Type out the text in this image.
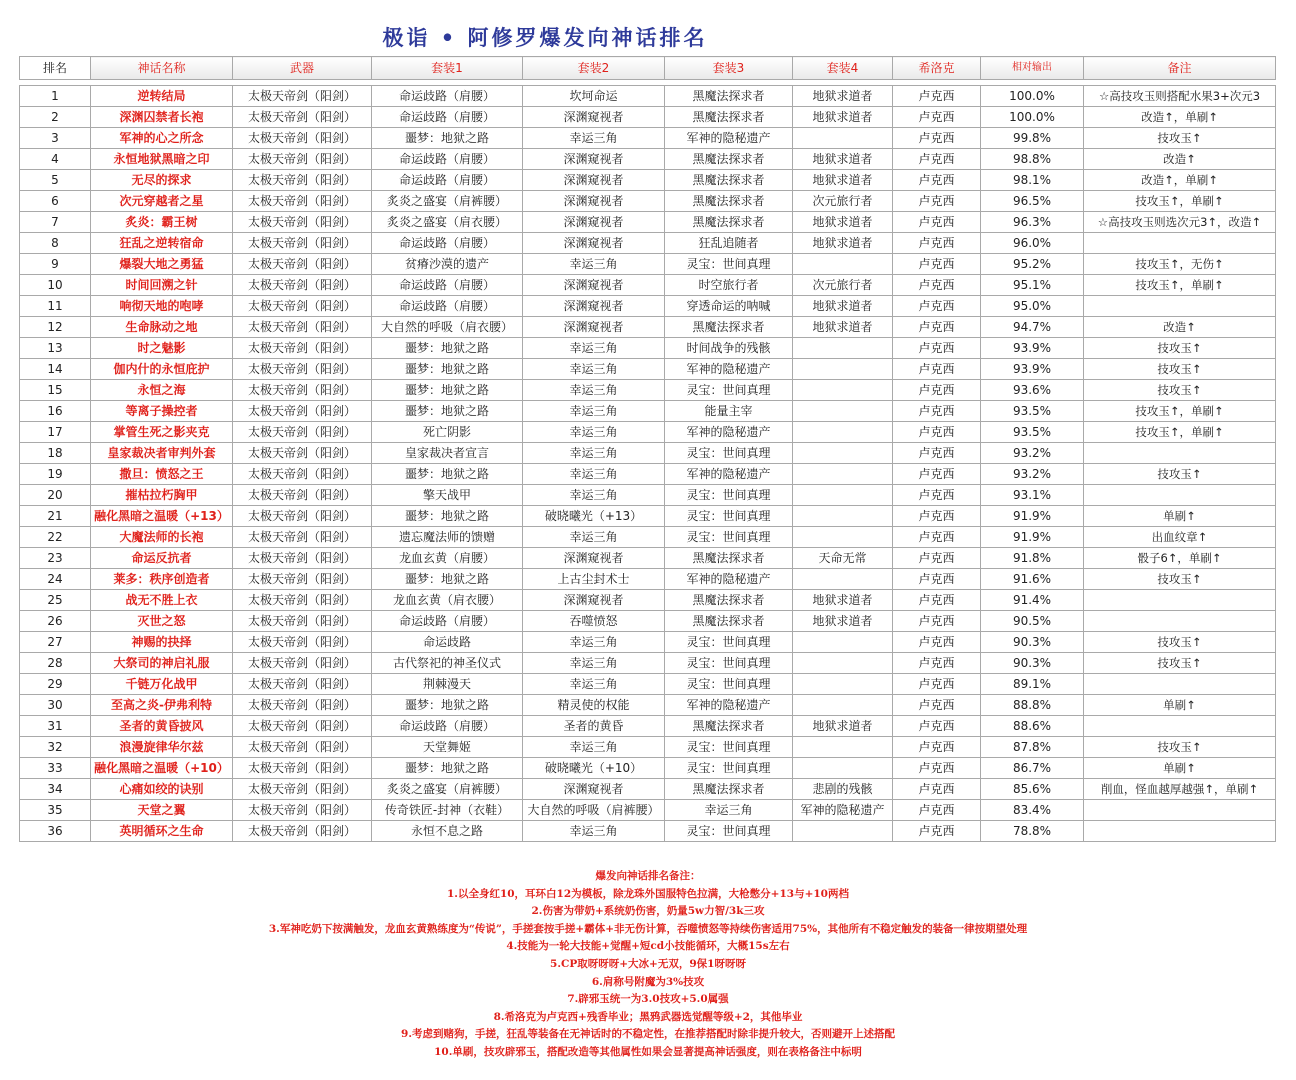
极诣 • 阿修罗爆发向神话排名
排名	神话名称	武器	套装1	套装2	套装3	套装4	希洛克	相对输出	备注

1	逆转结局	太极天帝剑（阳剑）	命运歧路（肩腰）	坎坷命运	黑魔法探求者	地狱求道者	卢克西	100.0%	☆高技攻玉则搭配水果3+次元3
2	深渊囚禁者长袍	太极天帝剑（阳剑）	命运歧路（肩腰）	深渊窥视者	黑魔法探求者	地狱求道者	卢克西	100.0%	改造↑，单刷↑
3	军神的心之所念	太极天帝剑（阳剑）	噩梦：地狱之路	幸运三角	军神的隐秘遗产		卢克西	99.8%	技攻玉↑
4	永恒地狱黑暗之印	太极天帝剑（阳剑）	命运歧路（肩腰）	深渊窥视者	黑魔法探求者	地狱求道者	卢克西	98.8%	改造↑
5	无尽的探求	太极天帝剑（阳剑）	命运歧路（肩腰）	深渊窥视者	黑魔法探求者	地狱求道者	卢克西	98.1%	改造↑，单刷↑
6	次元穿越者之星	太极天帝剑（阳剑）	炙炎之盛宴（肩裤腰）	深渊窥视者	黑魔法探求者	次元旅行者	卢克西	96.5%	技攻玉↑，单刷↑
7	炙炎：霸王树	太极天帝剑（阳剑）	炙炎之盛宴（肩衣腰）	深渊窥视者	黑魔法探求者	地狱求道者	卢克西	96.3%	☆高技攻玉则选次元3↑，改造↑
8	狂乱之逆转宿命	太极天帝剑（阳剑）	命运歧路（肩腰）	深渊窥视者	狂乱追随者	地狱求道者	卢克西	96.0%	
9	爆裂大地之勇猛	太极天帝剑（阳剑）	贫瘠沙漠的遗产	幸运三角	灵宝：世间真理		卢克西	95.2%	技攻玉↑，无伤↑
10	时间回溯之针	太极天帝剑（阳剑）	命运歧路（肩腰）	深渊窥视者	时空旅行者	次元旅行者	卢克西	95.1%	技攻玉↑，单刷↑
11	响彻天地的咆哮	太极天帝剑（阳剑）	命运歧路（肩腰）	深渊窥视者	穿透命运的呐喊	地狱求道者	卢克西	95.0%	
12	生命脉动之地	太极天帝剑（阳剑）	大自然的呼吸（肩衣腰）	深渊窥视者	黑魔法探求者	地狱求道者	卢克西	94.7%	改造↑
13	时之魅影	太极天帝剑（阳剑）	噩梦：地狱之路	幸运三角	时间战争的残骸		卢克西	93.9%	技攻玉↑
14	伽内什的永恒庇护	太极天帝剑（阳剑）	噩梦：地狱之路	幸运三角	军神的隐秘遗产		卢克西	93.9%	技攻玉↑
15	永恒之海	太极天帝剑（阳剑）	噩梦：地狱之路	幸运三角	灵宝：世间真理		卢克西	93.6%	技攻玉↑
16	等离子操控者	太极天帝剑（阳剑）	噩梦：地狱之路	幸运三角	能量主宰		卢克西	93.5%	技攻玉↑，单刷↑
17	掌管生死之影夹克	太极天帝剑（阳剑）	死亡阴影	幸运三角	军神的隐秘遗产		卢克西	93.5%	技攻玉↑，单刷↑
18	皇家裁决者审判外套	太极天帝剑（阳剑）	皇家裁决者宣言	幸运三角	灵宝：世间真理		卢克西	93.2%	
19	撒旦：愤怒之王	太极天帝剑（阳剑）	噩梦：地狱之路	幸运三角	军神的隐秘遗产		卢克西	93.2%	技攻玉↑
20	摧枯拉朽胸甲	太极天帝剑（阳剑）	擎天战甲	幸运三角	灵宝：世间真理		卢克西	93.1%	
21	融化黑暗之温暖（+13）	太极天帝剑（阳剑）	噩梦：地狱之路	破晓曦光（+13）	灵宝：世间真理		卢克西	91.9%	单刷↑
22	大魔法师的长袍	太极天帝剑（阳剑）	遗忘魔法师的馈赠	幸运三角	灵宝：世间真理		卢克西	91.9%	出血纹章↑
23	命运反抗者	太极天帝剑（阳剑）	龙血玄黄（肩腰）	深渊窥视者	黑魔法探求者	天命无常	卢克西	91.8%	骰子6↑，单刷↑
24	莱多：秩序创造者	太极天帝剑（阳剑）	噩梦：地狱之路	上古尘封术士	军神的隐秘遗产		卢克西	91.6%	技攻玉↑
25	战无不胜上衣	太极天帝剑（阳剑）	龙血玄黄（肩衣腰）	深渊窥视者	黑魔法探求者	地狱求道者	卢克西	91.4%	
26	灭世之怒	太极天帝剑（阳剑）	命运歧路（肩腰）	吞噬愤怒	黑魔法探求者	地狱求道者	卢克西	90.5%	
27	神赐的抉择	太极天帝剑（阳剑）	命运歧路	幸运三角	灵宝：世间真理		卢克西	90.3%	技攻玉↑
28	大祭司的神启礼服	太极天帝剑（阳剑）	古代祭祀的神圣仪式	幸运三角	灵宝：世间真理		卢克西	90.3%	技攻玉↑
29	千链万化战甲	太极天帝剑（阳剑）	荆棘漫天	幸运三角	灵宝：世间真理		卢克西	89.1%	
30	至高之炎-伊弗利特	太极天帝剑（阳剑）	噩梦：地狱之路	精灵使的权能	军神的隐秘遗产		卢克西	88.8%	单刷↑
31	圣者的黄昏披风	太极天帝剑（阳剑）	命运歧路（肩腰）	圣者的黄昏	黑魔法探求者	地狱求道者	卢克西	88.6%	
32	浪漫旋律华尔兹	太极天帝剑（阳剑）	天堂舞姬	幸运三角	灵宝：世间真理		卢克西	87.8%	技攻玉↑
33	融化黑暗之温暖（+10）	太极天帝剑（阳剑）	噩梦：地狱之路	破晓曦光（+10）	灵宝：世间真理		卢克西	86.7%	单刷↑
34	心痛如绞的诀别	太极天帝剑（阳剑）	炙炎之盛宴（肩裤腰）	深渊窥视者	黑魔法探求者	悲剧的残骸	卢克西	85.6%	削血，怪血越厚越强↑，单刷↑
35	天堂之翼	太极天帝剑（阳剑）	传奇铁匠-封神（衣鞋）	大自然的呼吸（肩裤腰）	幸运三角	军神的隐秘遗产	卢克西	83.4%	
36	英明循环之生命	太极天帝剑（阳剑）	永恒不息之路	幸运三角	灵宝：世间真理		卢克西	78.8%	
爆发向神话排名备注：
1.以全身红10，耳环白12为模板，除龙珠外国服特色拉满，大枪憋分+13与+10两档
2.伤害为带奶+系统奶伤害，奶量5w力智/3k三攻
3.军神吃奶下按满触发，龙血玄黄熟练度为“传说”，手搓套按手搓+霸体+非无伤计算，吞噬愤怒等持续伤害适用75%，其他所有不稳定触发的装备一律按期望处理
4.技能为一轮大技能+觉醒+短cd小技能循环，大概15s左右
5.CP取呀呀呀+大冰+无双，9保1呀呀呀
6.肩称号附魔为3%技攻
7.辟邪玉统一为3.0技攻+5.0属强
8.希洛克为卢克西+残香毕业；黑鸦武器选觉醒等级+2，其他毕业
9.考虑到赌狗，手搓，狂乱等装备在无神话时的不稳定性，在推荐搭配时除非提升较大，否则避开上述搭配
10.单刷，技攻辟邪玉，搭配改造等其他属性如果会显著提高神话强度，则在表格备注中标明
